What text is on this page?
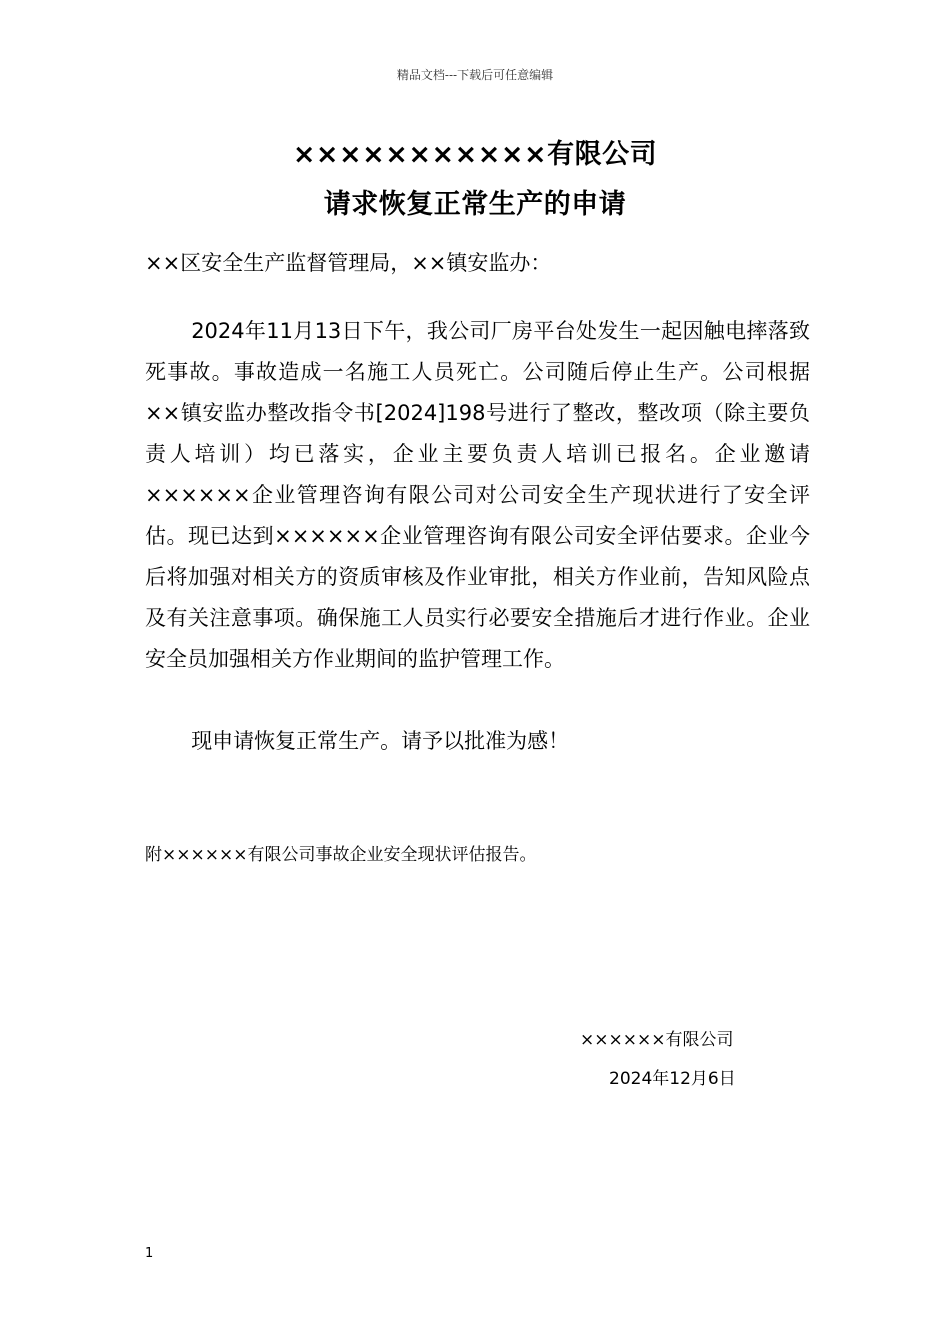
精品文档---下载后可任意编辑
×××××××××××有限公司
请求恢复正常生产的申请
××区安全生产监督管理局，××镇安监办：
2024年11月13日下午，我公司厂房平台处发生一起因触电摔落致死事故。事故造成一名施工人员死亡。公司随后停止生产。公司根据××镇安监办整改指令书[2024]198号进行了整改，整改项（除主要负责人培训）均已落实，企业主要负责人培训已报名。企业邀请××××××企业管理咨询有限公司对公司安全生产现状进行了安全评估。现已达到××××××企业管理咨询有限公司安全评估要求。企业今后将加强对相关方的资质审核及作业审批，相关方作业前，告知风险点及有关注意事项。确保施工人员实行必要安全措施后才进行作业。企业安全员加强相关方作业期间的监护管理工作。
现申请恢复正常生产。请予以批准为感！
附××××××有限公司事故企业安全现状评估报告。
××××××有限公司
2024年12月6日
1
